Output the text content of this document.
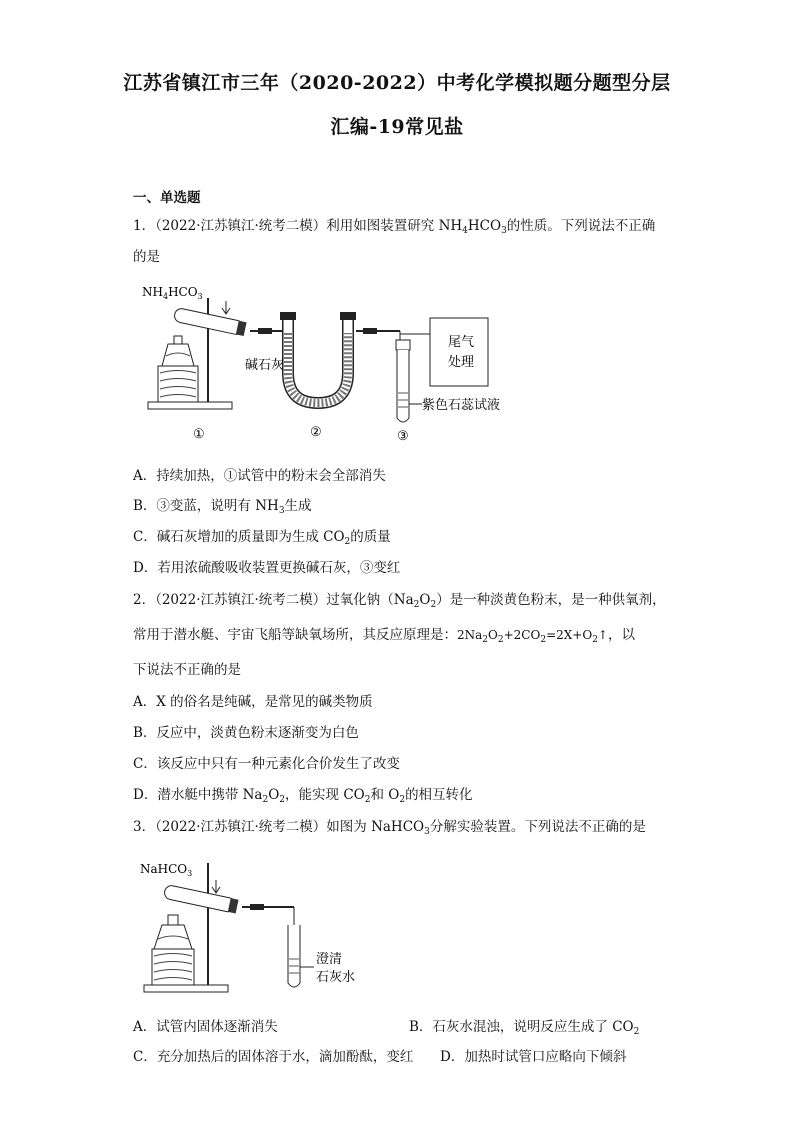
江苏省镇江市三年（2020-2022）中考化学模拟题分题型分层
汇编-19常见盐
一、单选题
1．（2022·江苏镇江·统考二模）利用如图装置研究 $NH_4HCO_3$的性质。下列说法不正确
的是
$NH_4HCO_3$
碱石灰
紫色石蕊试液
尾气
处理
①	②	③
A．持续加热，①试管中的粉末会全部消失
B．③变蓝，说明有 $NH_3$生成
C．碱石灰增加的质量即为生成 $CO_2$的质量
D．若用浓硫酸吸收装置更换碱石灰，③变红
2．（2022·江苏镇江·统考二模）过氧化钠$(Na_2O_2)$是一种淡黄色粉末，是一种供氧剂，
常用于潜水艇、宇宙飞船等缺氧场所，其反应原理是：$2Na_2O_2+2CO_2=2X+O_2↑$，以
下说法不正确的是
A．X 的俗名是纯碱，是常见的碱类物质
B．反应中，淡黄色粉末逐渐变为白色
C．该反应中只有一种元素化合价发生了改变
D．潜水艇中携带 $Na_2O_2$，能实现 $CO_2$和 $O_2$的相互转化
3．（2022·江苏镇江·统考二模）如图为 NaHCO$_3$分解实验装置。下列说法不正确的是
NaHCO$_3$
澄清
石灰水
A．试管内固体逐渐消失	B．石灰水混浊，说明反应生成了 $CO_2$
C．充分加热后的固体溶于水，滴加酚酞，变红 D．加热时试管口应略向下倾斜
